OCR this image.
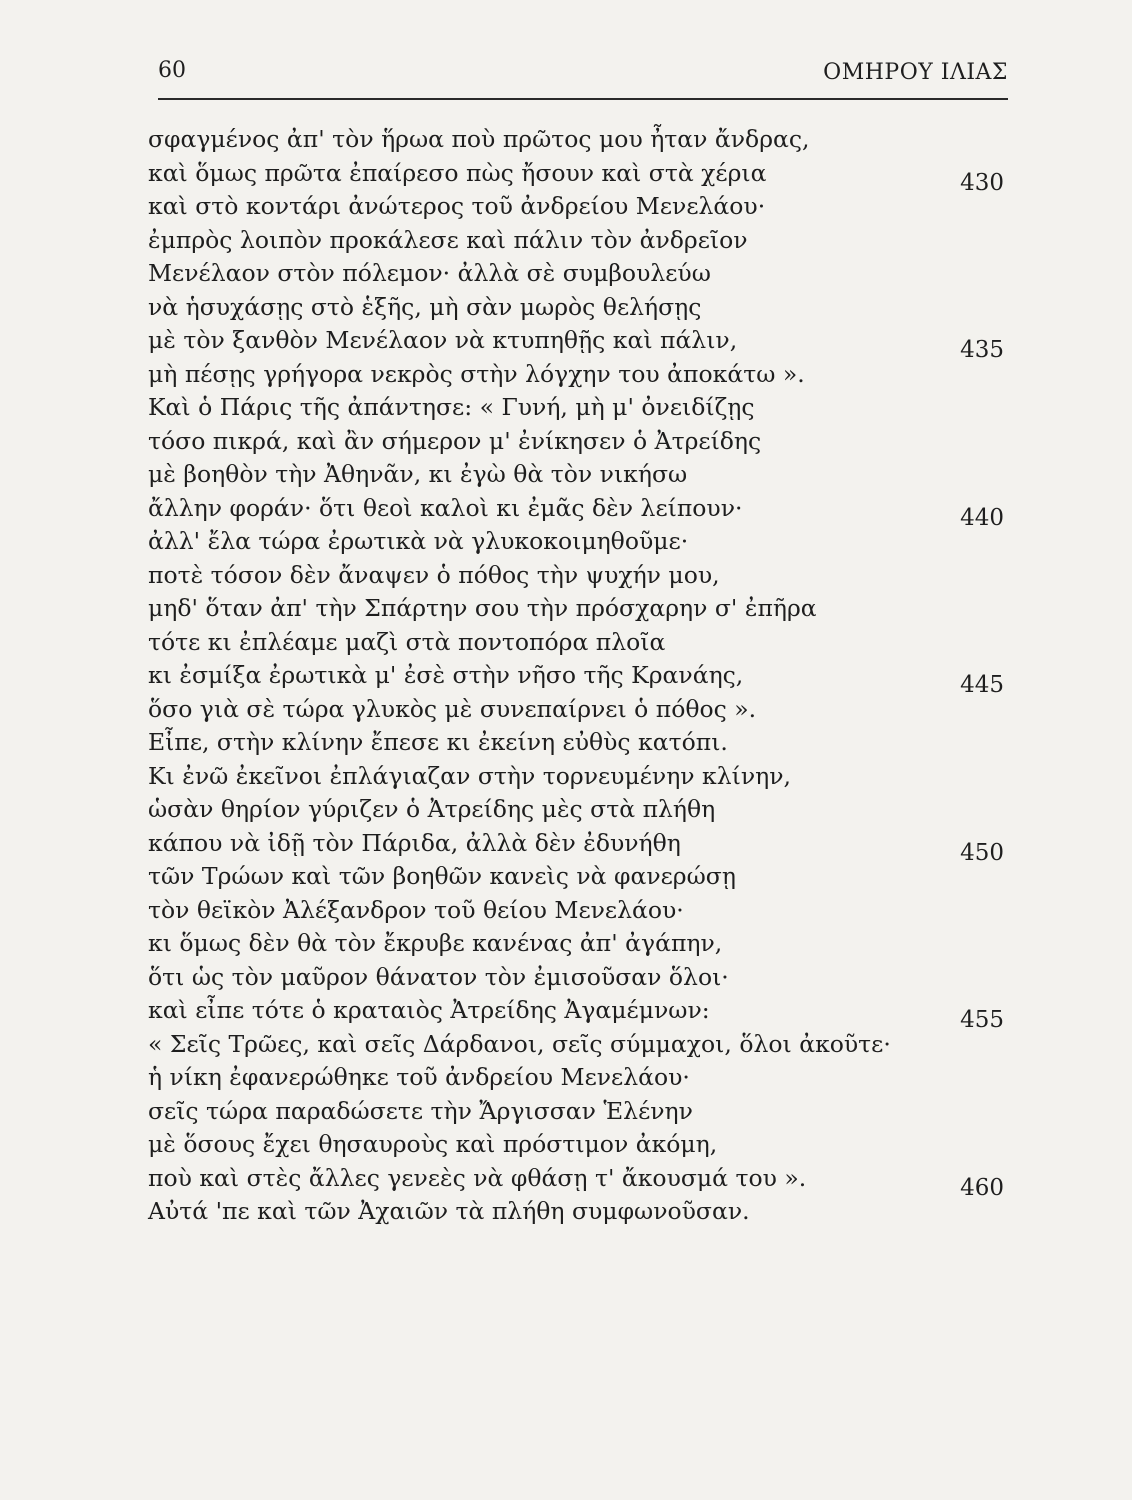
60	ΟΜΗΡΟΥ ΙΛΙΑΣ
σφαγμένος ἀπ' τὸν ἥρωα ποὺ πρῶτος μου ἦταν ἄνδρας,
καὶ ὅμως πρῶτα ἐπαίρεσο πὼς ἤσουν καὶ στὰ χέρια	430
καὶ στὸ κοντάρι ἀνώτερος τοῦ ἀνδρείου Μενελάου·
ἐμπρὸς λοιπὸν προκάλεσε καὶ πάλιν τὸν ἀνδρεῖον
Μενέλαον στὸν πόλεμον· ἀλλὰ σὲ συμβουλεύω
νὰ ἡσυχάσῃς στὸ ἑξῆς, μὴ σὰν μωρὸς θελήσῃς
μὲ τὸν ξανθὸν Μενέλαον νὰ κτυπηθῇς καὶ πάλιν,	435
μὴ πέσῃς γρήγορα νεκρὸς στὴν λόγχην του ἀποκάτω ».
Καὶ ὁ Πάρις τῆς ἀπάντησε: « Γυνή, μὴ μ' ὀνειδίζῃς
τόσο πικρά, καὶ ἂν σήμερον μ' ἐνίκησεν ὁ Ἀτρείδης
μὲ βοηθὸν τὴν Ἀθηνᾶν, κι ἐγὼ θὰ τὸν νικήσω
ἄλλην φοράν· ὅτι θεοὶ καλοὶ κι ἐμᾶς δὲν λείπουν·	440
ἀλλ' ἔλα τώρα ἐρωτικὰ νὰ γλυκοκοιμηθοῦμε·
ποτὲ τόσον δὲν ἄναψεν ὁ πόθος τὴν ψυχήν μου,
μηδ' ὅταν ἀπ' τὴν Σπάρτην σου τὴν πρόσχαρην σ' ἐπῆρα
τότε κι ἐπλέαμε μαζὶ στὰ ποντοπόρα πλοῖα
κι ἐσμίξα ἐρωτικὰ μ' ἐσὲ στὴν νῆσο τῆς Κρανάης,	445
ὅσο γιὰ σὲ τώρα γλυκὸς μὲ συνεπαίρνει ὁ πόθος ».
Εἶπε, στὴν κλίνην ἔπεσε κι ἐκείνη εὐθὺς κατόπι.
Κι ἐνῶ ἐκεῖνοι ἐπλάγιαζαν στὴν τορνευμένην κλίνην,
ὡσὰν θηρίον γύριζεν ὁ Ἀτρείδης μὲς στὰ πλήθη
κάπου νὰ ἰδῇ τὸν Πάριδα, ἀλλὰ δὲν ἐδυνήθη	450
τῶν Τρώων καὶ τῶν βοηθῶν κανεὶς νὰ φανερώσῃ
τὸν θεϊκὸν Ἀλέξανδρον τοῦ θείου Μενελάου·
κι ὅμως δὲν θὰ τὸν ἔκρυβε κανένας ἀπ' ἀγάπην,
ὅτι ὡς τὸν μαῦρον θάνατον τὸν ἐμισοῦσαν ὅλοι·
καὶ εἶπε τότε ὁ κραταιὸς Ἀτρείδης Ἀγαμέμνων:	455
« Σεῖς Τρῶες, καὶ σεῖς Δάρδανοι, σεῖς σύμμαχοι, ὅλοι ἀκοῦτε·
ἡ νίκη ἐφανερώθηκε τοῦ ἀνδρείου Μενελάου·
σεῖς τώρα παραδώσετε τὴν Ἄργισσαν Ἑλένην
μὲ ὅσους ἔχει θησαυροὺς καὶ πρόστιμον ἀκόμη,
ποὺ καὶ στὲς ἄλλες γενεὲς νὰ φθάσῃ τ' ἄκουσμά του ».	460
Αὐτά 'πε καὶ τῶν Ἀχαιῶν τὰ πλήθη συμφωνοῦσαν.
